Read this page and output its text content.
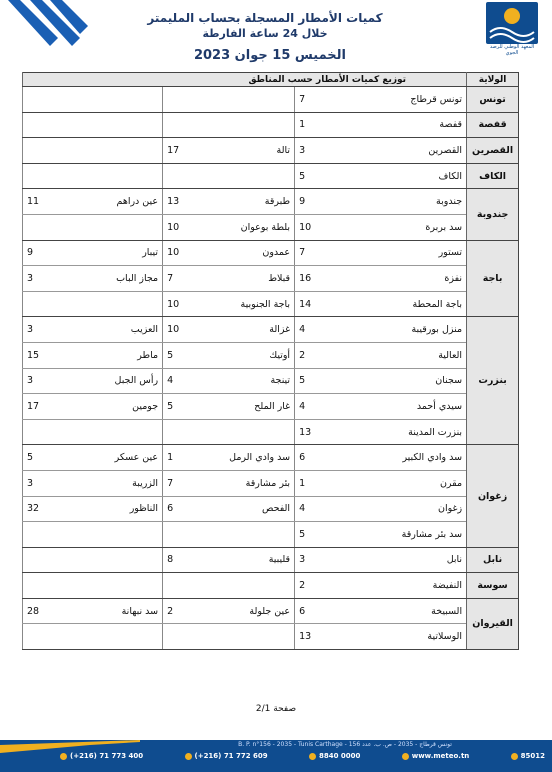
المعهد الوطني للرصد الجوي
كميات الأمطار المسجلة بحساب المليمتر
خلال 24 ساعة الفارطة
الخميس 15 جوان 2023
الولاية	توزيع كميات الأمطار حسب المناطق					
تونس	تونس قرطاج	7				
قفصة	قفصة	1				
القصرين	القصرين	3	تالة	17		
الكاف	الكاف	5				
جندوبة	جندوبة	9	طبرقة	13	عين دراهم	11
	سد بربرة	10	بلطة بوعوان	10		
باجة	تستور	7	عمدون	10	تيبار	9
	نفزة	16	قبلاط	7	مجاز الباب	3
	باجة المحطة	14	باجة الجنوبية	10		
بنزرت	منزل بورقيبة	4	غزالة	10	العزيب	3
	العالية	2	أوتيك	5	ماطر	15
	سجنان	5	تينجة	4	رأس الجبل	3
	سيدي أحمد	4	غار الملح	5	جومين	17
	بنزرت المدينة	13				
زغوان	سد وادي الكبير	6	سد وادي الرمل	1	عين عسكر	5
	مقرن	1	بئر مشارقة	7	الزريبة	3
	زغوان	4	الفحص	6	الناظور	32
	سد بئر مشارقة	5				
نابل	نابل	3	قليبية	8		
سوسة	النفيضة	2				
القيروان	السبيخة	6	عين جلولة	2	سد نبهانة	28
	الوسلاتية	13				
صفحة 2/1
B. P. n°156 - 2035 - Tunis Carthage - تونس قرطاج - 2035 - ص. ب. عدد 156
(+216) 71 773 400	(+216) 71 772 609	8840 0000	www.meteo.tn	85012
